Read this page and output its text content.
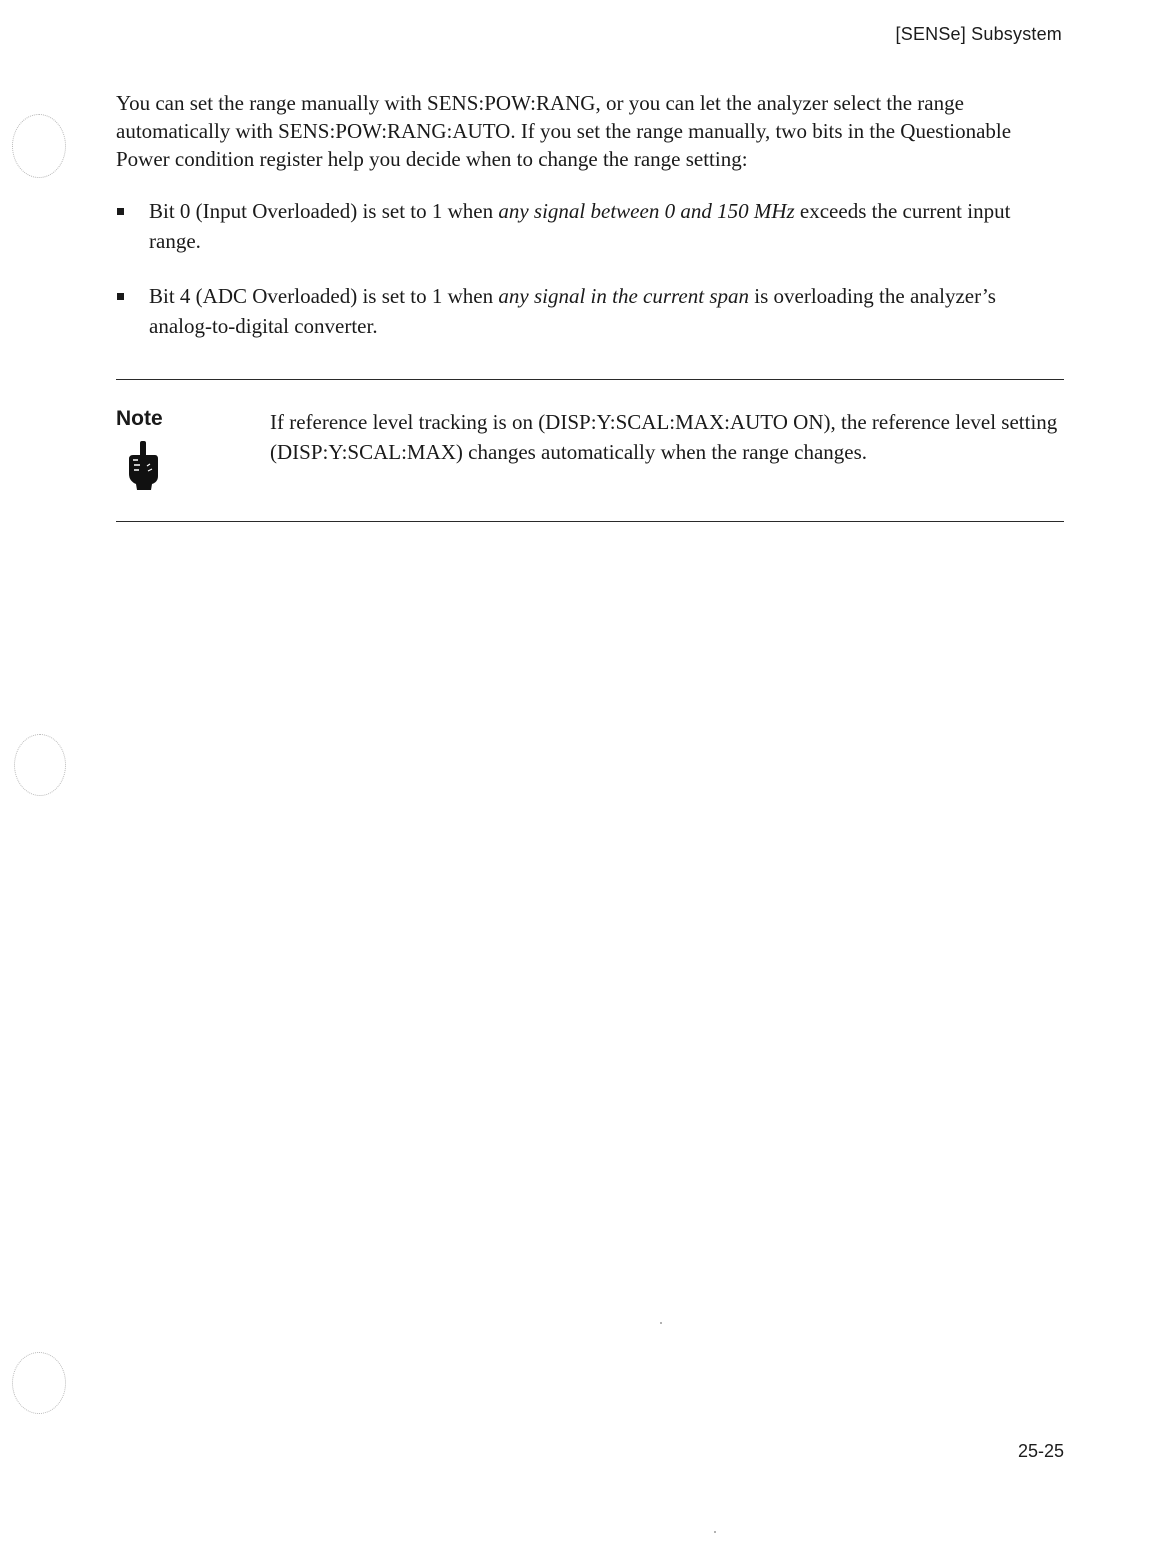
[SENSe] Subsystem

You can set the range manually with SENS:POW:RANG, or you can let the analyzer select the range automatically with SENS:POW:RANG:AUTO. If you set the range manually, two bits in the Questionable Power condition register help you decide when to change the range setting:

Bit 0 (Input Overloaded) is set to 1 when any signal between 0 and 150 MHz exceeds the current input range.
Bit 4 (ADC Overloaded) is set to 1 when any signal in the current span is overloading the analyzer’s analog-to-digital converter.
Note	If reference level tracking is on (DISP:Y:SCAL:MAX:AUTO ON), the reference level setting (DISP:Y:SCAL:MAX) changes automatically when the range changes.

25-25
